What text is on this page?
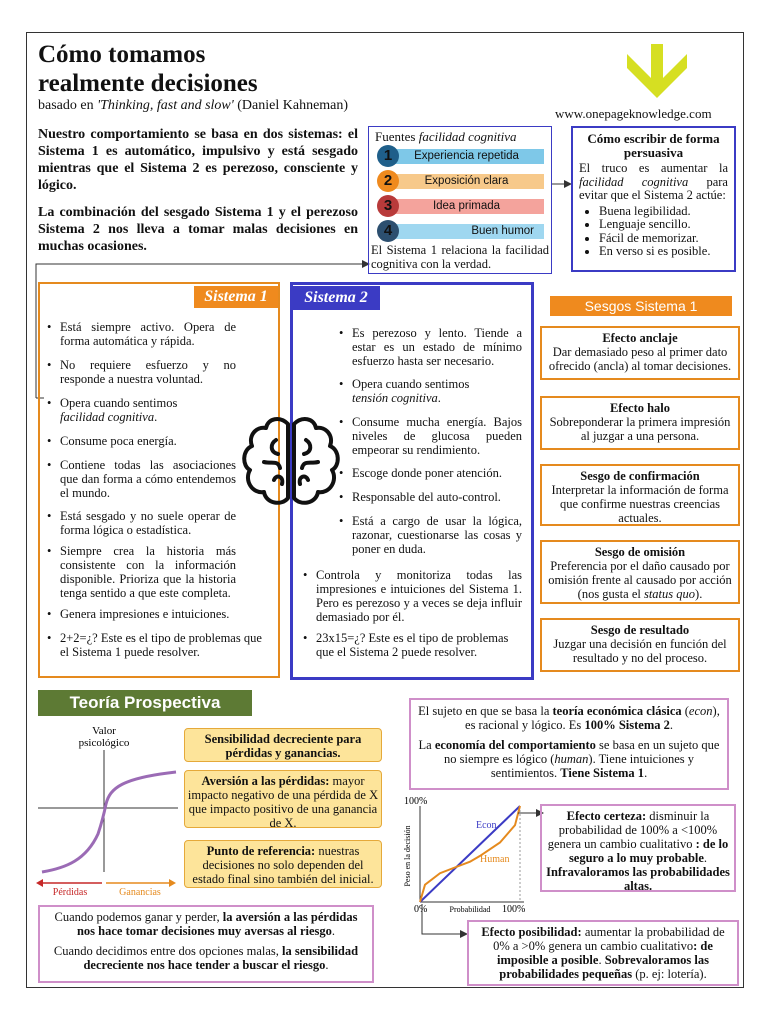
Cómo tomamos
realmente decisiones
basado en 'Thinking, fast and slow' (Daniel Kahneman)
www.onepageknowledge.com

Nuestro comportamiento se basa en dos sistemas: el Sistema 1 es automático, impulsivo y está sesgado mientras que el Sistema 2 es perezoso, consciente y lógico.

La combinación del sesgado Sistema 1 y el perezoso Sistema 2 nos lleva a tomar malas decisiones en muchas ocasiones.

Fuentes facilidad cognitiva
Experiencia repetida
1
Exposición clara
2
Idea primada
3
Buen humor
4
El Sistema 1 relaciona la facilidad cognitiva con la verdad.
Cómo escribir de forma persuasiva

El truco es aumentar la facilidad cognitiva para evitar que el Sistema 2 actúe:

• Buena legibilidad.
• Lenguaje sencillo.
• Fácil de memorizar.
• En verso si es posible.
Sistema 1
• Está siempre activo. Opera de forma automática y rápida.
• No requiere esfuerzo y no responde a nuestra voluntad.
• Opera cuando sentimos
facilidad cognitiva.
• Consume poca energía.
• Contiene todas las asociaciones que dan forma a cómo entendemos el mundo.
• Está sesgado y no suele operar de forma lógica o estadística.
• Siempre crea la historia más consistente con la información disponible. Prioriza que la historia tenga sentido a que este completa.
• Genera impresiones e intuiciones.
• 2+2=¿? Este es el tipo de problemas que el Sistema 1 puede resolver.
Sistema 2
• Es perezoso y lento. Tiende a estar es un estado de mínimo esfuerzo hasta ser necesario.
• Opera cuando sentimos
tensión cognitiva.
• Consume mucha energía. Bajos niveles de glucosa pueden empeorar su rendimiento.
• Escoge donde poner atención.
• Responsable del auto-control.
• Está a cargo de usar la lógica, razonar, cuestionarse las cosas y poner en duda.
• Controla y monitoriza todas las impresiones e intuiciones del Sistema 1. Pero es perezoso y a veces se deja influir demasiado por él.
• 23x15=¿? Este es el tipo de problemas que el Sistema 2 puede resolver.
Sesgos Sistema 1
Efecto anclaje
Dar demasiado peso al primer dato ofrecido (ancla) al tomar decisiones.
Efecto halo
Sobreponderar la primera impresión al juzgar a una persona.
Sesgo de confirmación
Interpretar la información de forma que confirme nuestras creencias actuales.
Sesgo de omisión
Preferencia por el daño causado por omisión frente al causado por acción (nos gusta el status quo).
Sesgo de resultado
Juzgar una decisión en función del resultado y no del proceso.
Teoría Prospectiva
Valor
psicológico
Pérdidas	Ganancias
Sensibilidad decreciente para pérdidas y ganancias.
Aversión a las pérdidas: mayor impacto negativo de una pérdida de X que impacto positivo de una ganancia de X.
Punto de referencia: nuestras decisiones no solo dependen del estado final sino también del inicial.

Cuando podemos ganar y perder, la aversión a las pérdidas nos hace tomar decisiones muy aversas al riesgo.

Cuando decidimos entre dos opciones malas, la sensibilidad decreciente nos hace tender a buscar el riesgo.

El sujeto en que se basa la teoría económica clásica (econ), es racional y lógico. Es 100% Sistema 2.

La economía del comportamiento se basa en un sujeto que no siempre es lógico (human). Tiene intuiciones y sentimientos. Tiene Sistema 1.

100%
0%	100%
Probabilidad
Peso en la decisión	Econ
Human
Efecto certeza: disminuir la probabilidad de 100% a <100% genera un cambio cualitativo : de lo seguro a lo muy probable. Infravaloramos las probabilidades altas.
Efecto posibilidad: aumentar la probabilidad de 0% a >0% genera un cambio cualitativo: de imposible a posible. Sobrevaloramos las probabilidades pequeñas (p. ej: lotería).
